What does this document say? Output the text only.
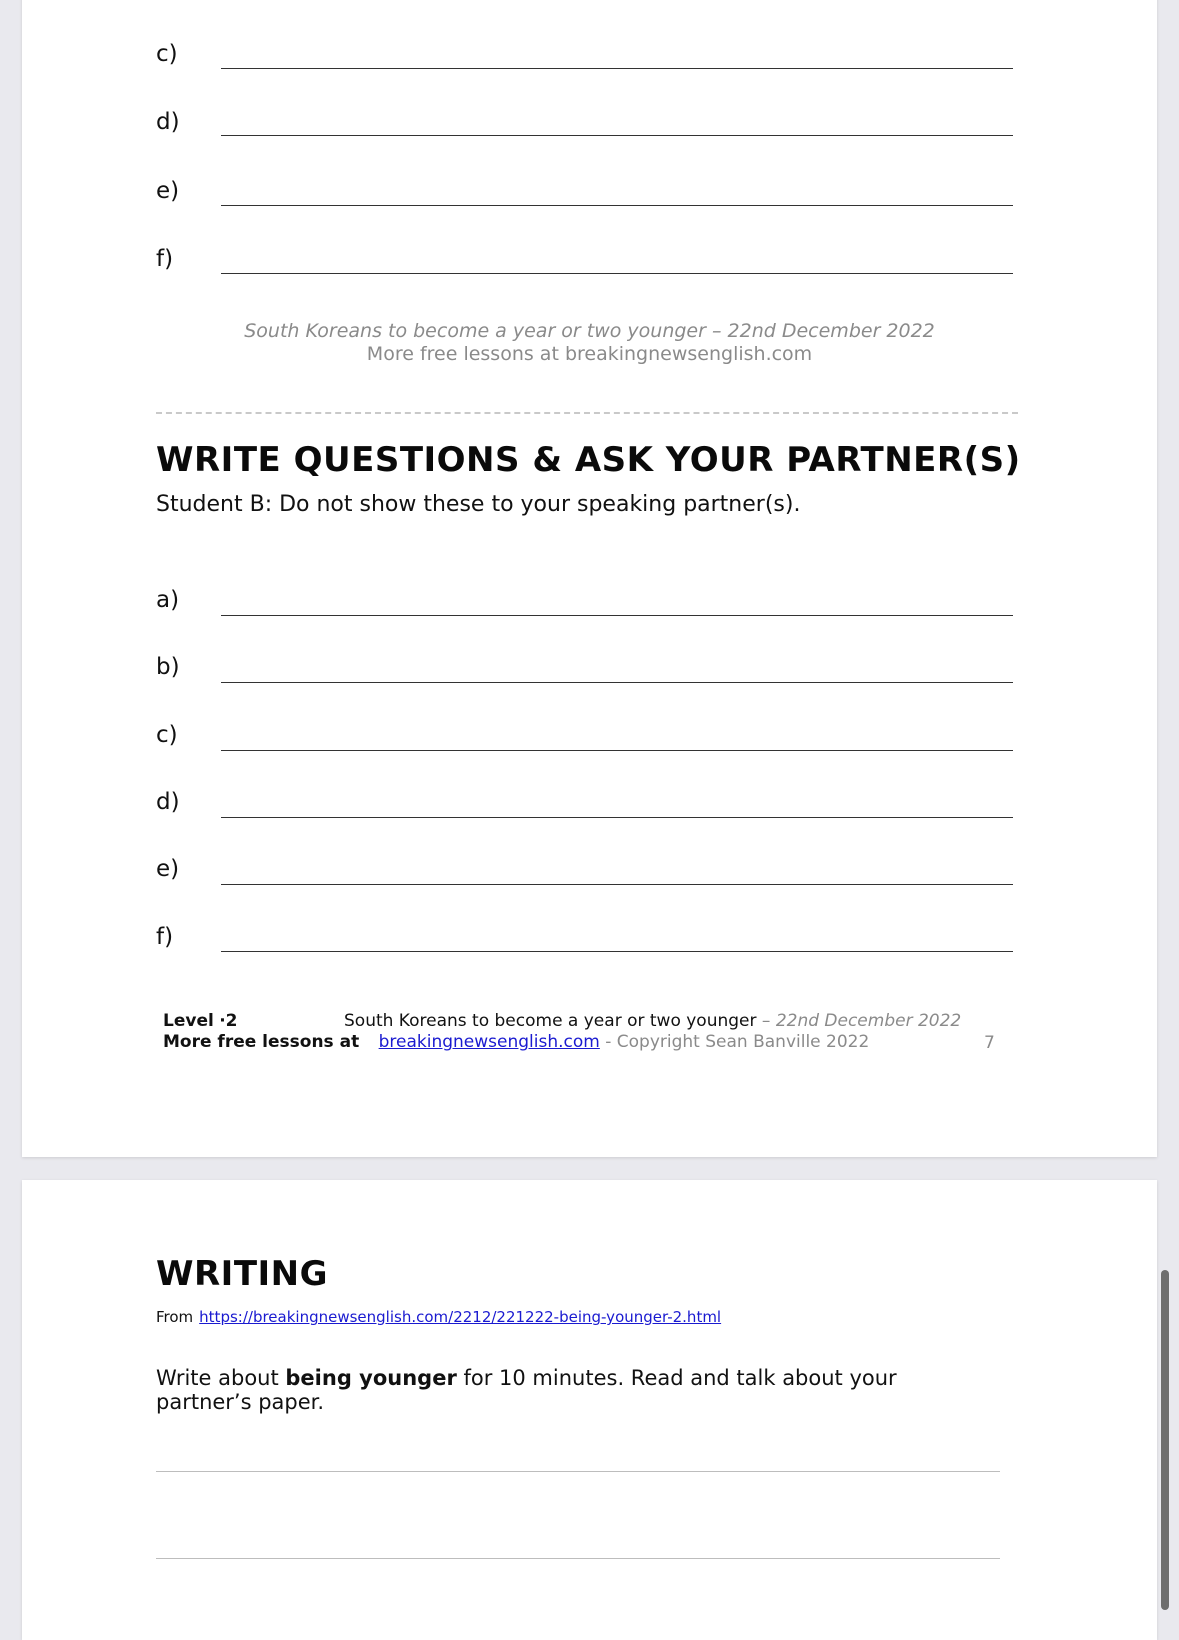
c)
d)
e)
f)
South Koreans to become a year or two younger – 22nd December 2022
More free lessons at breakingnewsenglish.com
WRITE QUESTIONS & ASK YOUR PARTNER(S)
Student B: Do not show these to your speaking partner(s).
a)
b)
c)
d)
e)
f)
Level ·2	South Koreans to become a year or two younger – 22nd December 2022
More free lessons at breakingnewsenglish.com - Copyright Sean Banville 2022	7
WRITING
From https://breakingnewsenglish.com/2212/221222-being-younger-2.html
Write about being younger for 10 minutes. Read and talk about your partner’s paper.
